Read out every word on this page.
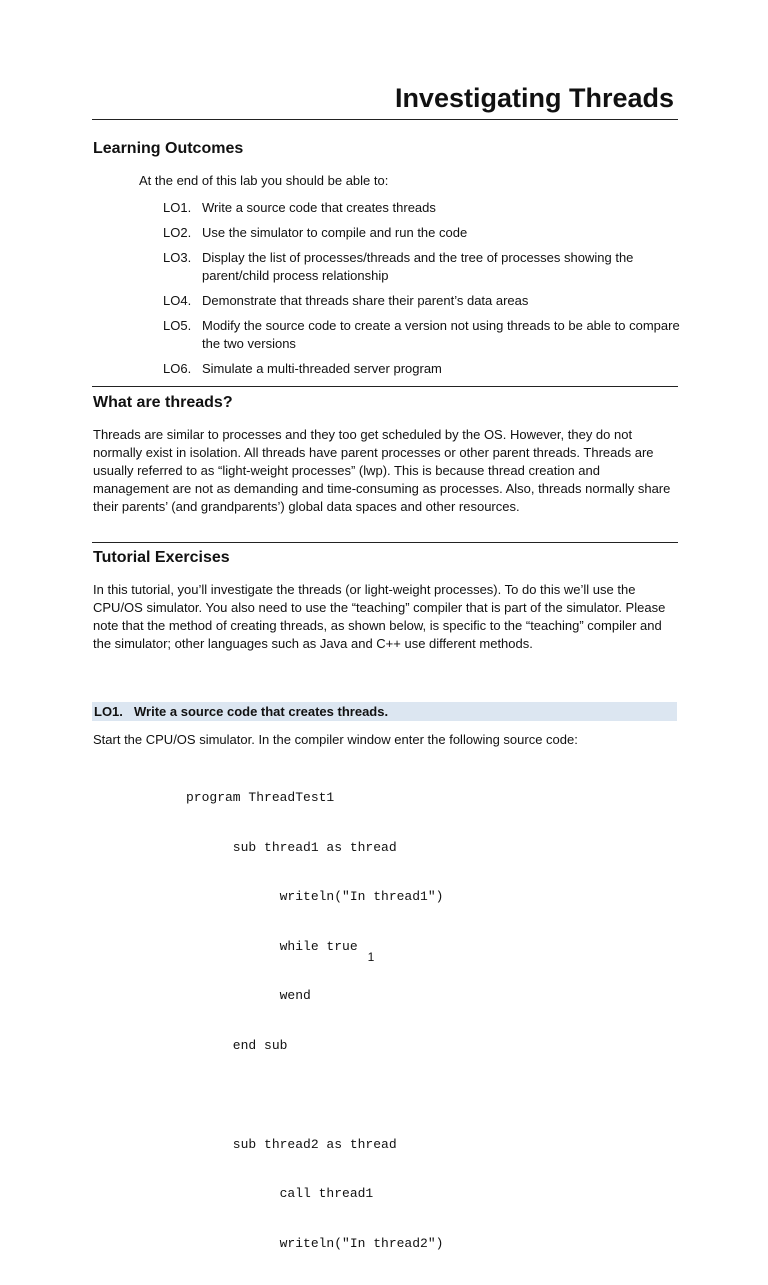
Investigating Threads
Learning Outcomes
At the end of this lab you should be able to:
LO1. Write a source code that creates threads
LO2. Use the simulator to compile and run the code
LO3. Display the list of processes/threads and the tree of processes showing the parent/child process relationship
LO4. Demonstrate that threads share their parent’s data areas
LO5. Modify the source code to create a version not using threads to be able to compare the two versions
LO6. Simulate a multi-threaded server program
What are threads?
Threads are similar to processes and they too get scheduled by the OS. However, they do not normally exist in isolation. All threads have parent processes or other parent threads. Threads are usually referred to as “light-weight processes” (lwp). This is because thread creation and management are not as demanding and time-consuming as processes. Also, threads normally share their parents’ (and grandparents’) global data spaces and other resources.
Tutorial Exercises
In this tutorial, you’ll investigate the threads (or light-weight processes). To do this we’ll use the CPU/OS simulator. You also need to use the “teaching” compiler that is part of the simulator. Please note that the method of creating threads, as shown below, is specific to the “teaching” compiler and the simulator; other languages such as Java and C++ use different methods.
LO1. Write a source code that creates threads.
Start the CPU/OS simulator. In the compiler window enter the following source code:

program ThreadTest1

sub thread1 as thread

writeln("In thread1")

while true

wend

end sub

sub thread2 as thread

call thread1

writeln("In thread2")

1
